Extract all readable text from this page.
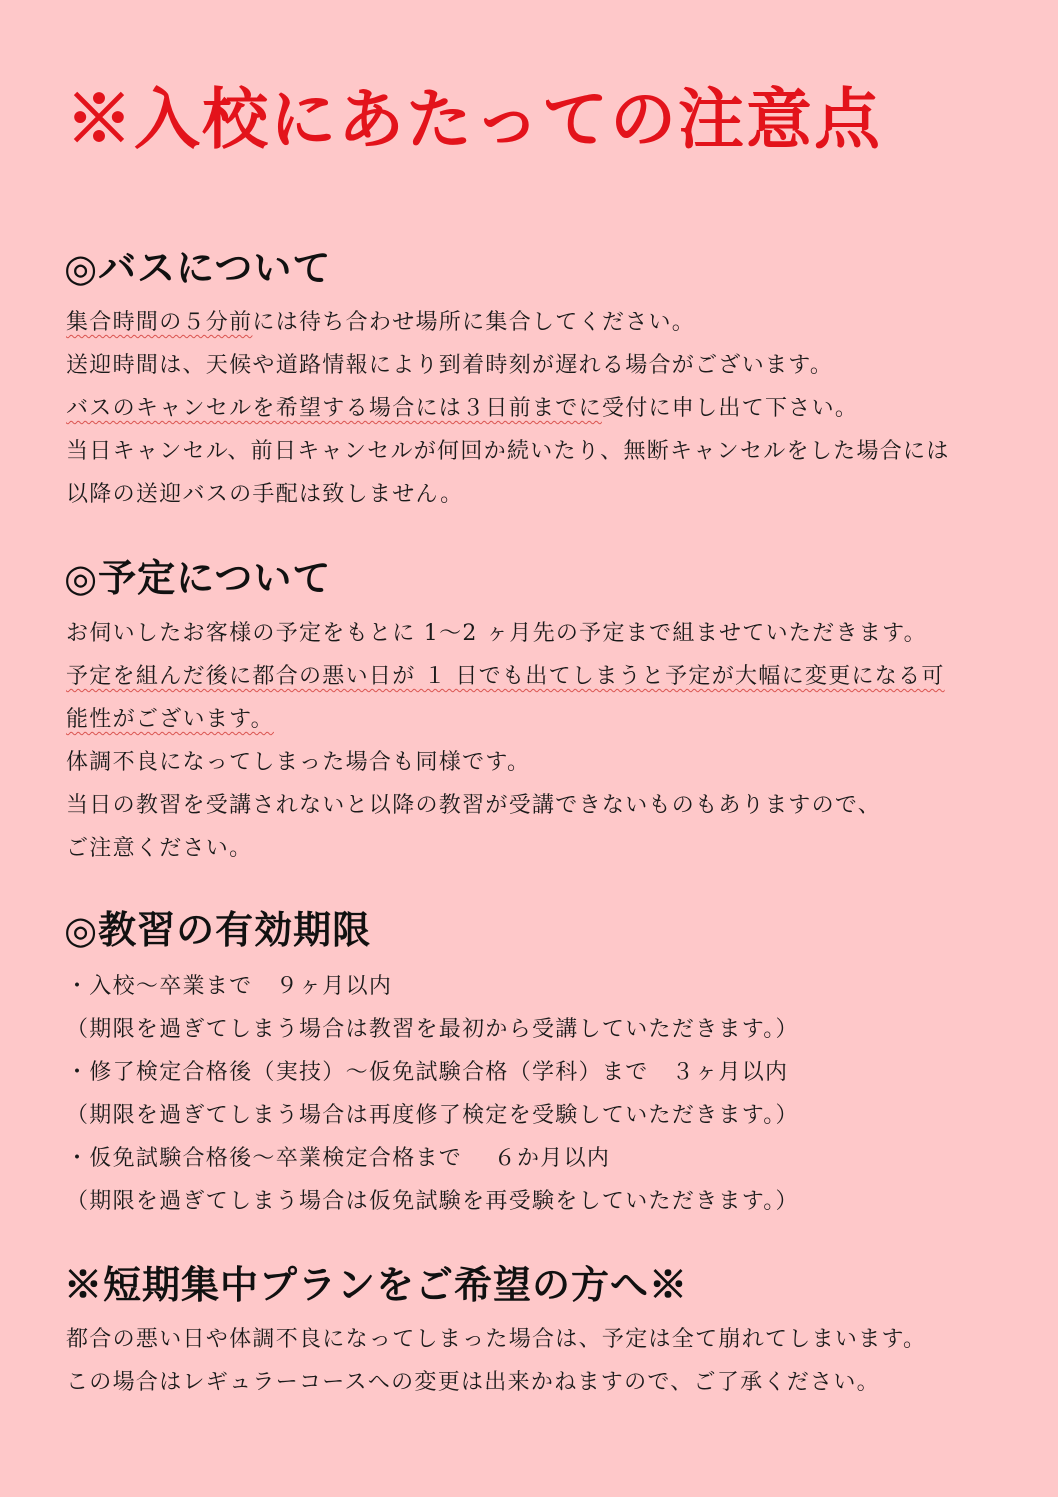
※入校にあたっての注意点
◎バスについて
集合時間の５分前には待ち合わせ場所に集合してください。
送迎時間は、天候や道路情報により到着時刻が遅れる場合がございます。
バスのキャンセルを希望する場合には３日前までに受付に申し出て下さい。
当日キャンセル、前日キャンセルが何回か続いたり、無断キャンセルをした場合には
以降の送迎バスの手配は致しません。
◎予定について
お伺いしたお客様の予定をもとに 1〜2 ヶ月先の予定まで組ませていただきます。
予定を組んだ後に都合の悪い日が １ 日でも出てしまうと予定が大幅に変更になる可
能性がございます。
体調不良になってしまった場合も同様です。
当日の教習を受講されないと以降の教習が受講できないものもありますので、
ご注意ください。
◎教習の有効期限
・入校〜卒業まで　９ヶ月以内
（期限を過ぎてしまう場合は教習を最初から受講していただきます。）
・修了検定合格後（実技）〜仮免試験合格（学科）まで　３ヶ月以内
（期限を過ぎてしまう場合は再度修了検定を受験していただきます。）
・仮免試験合格後〜卒業検定合格まで　 ６か月以内
（期限を過ぎてしまう場合は仮免試験を再受験をしていただきます。）
※短期集中プランをご希望の方へ※
都合の悪い日や体調不良になってしまった場合は、予定は全て崩れてしまいます。
この場合はレギュラーコースへの変更は出来かねますので、ご了承ください。
